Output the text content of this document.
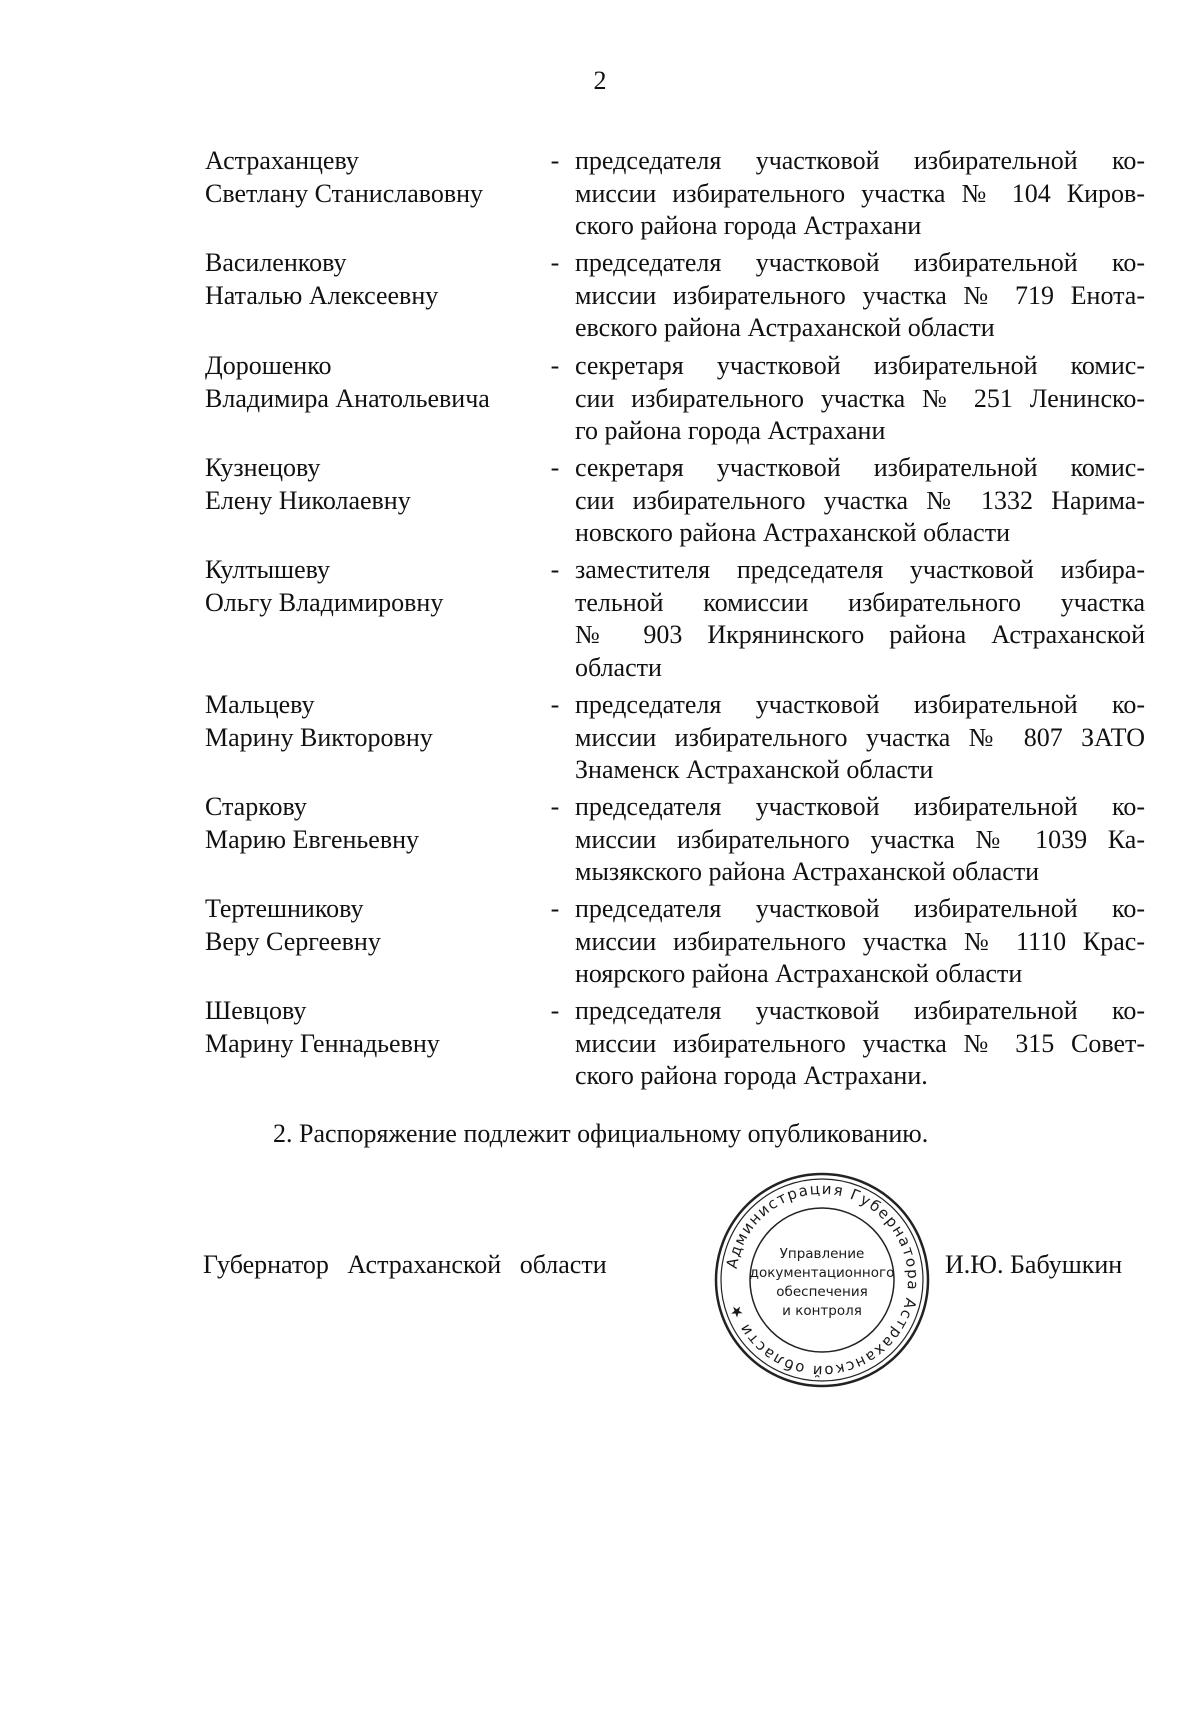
2
Астраханцеву
Светлану Станиславовну
- председателя участковой избирательной ко-
миссии избирательного участка № 104 Киров-
ского района города Астрахани
Василенкову
Наталью Алексеевну
- председателя участковой избирательной ко-
миссии избирательного участка № 719 Енота-
евского района Астраханской области
Дорошенко
Владимира Анатольевича
- секретаря участковой избирательной комис-
сии избирательного участка № 251 Ленинско-
го района города Астрахани
Кузнецову
Елену Николаевну
- секретаря участковой избирательной комис-
сии избирательного участка № 1332 Нарима-
новского района Астраханской области
Култышеву
Ольгу Владимировну
- заместителя председателя участковой избира-
тельной комиссии избирательного участка
№ 903 Икрянинского района Астраханской
области
Мальцеву
Марину Викторовну
- председателя участковой избирательной ко-
миссии избирательного участка № 807 ЗАТО
Знаменск Астраханской области
Старкову
Марию Евгеньевну
- председателя участковой избирательной ко-
миссии избирательного участка № 1039 Ка-
мызякского района Астраханской области
Тертешникову
Веру Сергеевну
- председателя участковой избирательной ко-
миссии избирательного участка № 1110 Крас-
ноярского района Астраханской области
Шевцову
Марину Геннадьевну
- председателя участковой избирательной ко-
миссии избирательного участка № 315 Совет-
ского района города Астрахани.
2. Распоряжение подлежит официальному опубликованию.
Губернатор Астраханской области	Администрация Губернатора Астраханской области ★
Управление
документационного
обеспечения
и контроля
И.Ю. Бабушкин
